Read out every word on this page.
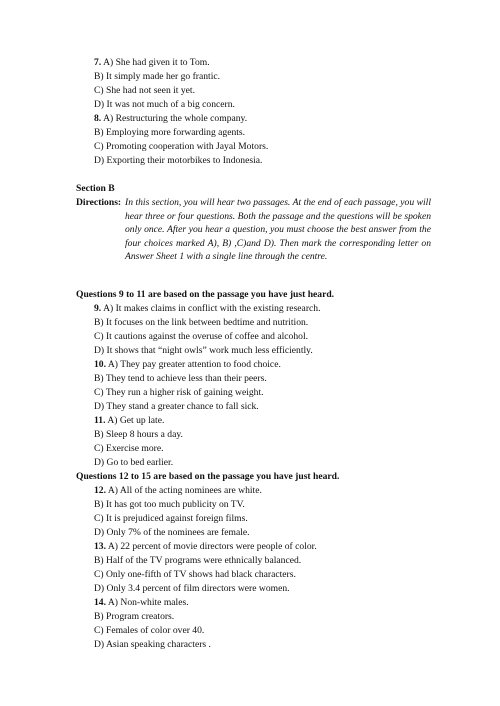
7. A) She had given it to Tom.
B) It simply made her go frantic.
C) She had not seen it yet.
D) It was not much of a big concern.
8. A) Restructuring the whole company.
B) Employing more forwarding agents.
C) Promoting cooperation with Jayal Motors.
D) Exporting their motorbikes to Indonesia.
Section B
Directions: In this section, you will hear two passages. At the end of each passage, you will hear three or four questions. Both the passage and the questions will be spoken only once. After you hear a question, you must choose the best answer from the four choices marked A), B) ,C)and D). Then mark the corresponding letter on Answer Sheet 1 with a single line through the centre.
Questions 9 to 11 are based on the passage you have just heard.
9. A) It makes claims in conflict with the existing research.
B) It focuses on the link between bedtime and nutrition.
C) It cautions against the overuse of coffee and alcohol.
D) It shows that “night owls” work much less efficiently.
10. A) They pay greater attention to food choice.
B) They tend to achieve less than their peers.
C) They run a higher risk of gaining weight.
D) They stand a greater chance to fall sick.
11. A) Get up late.
B) Sleep 8 hours a day.
C) Exercise more.
D) Go to bed earlier.
Questions 12 to 15 are based on the passage you have just heard.
12. A) All of the acting nominees are white.
B) It has got too much publicity on TV.
C) It is prejudiced against foreign films.
D) Only 7% of the nominees are female.
13. A) 22 percent of movie directors were people of color.
B) Half of the TV programs were ethnically balanced.
C) Only one-fifth of TV shows had black characters.
D) Only 3.4 percent of film directors were women.
14. A) Non-white males.
B) Program creators.
C) Females of color over 40.
D) Asian speaking characters .
